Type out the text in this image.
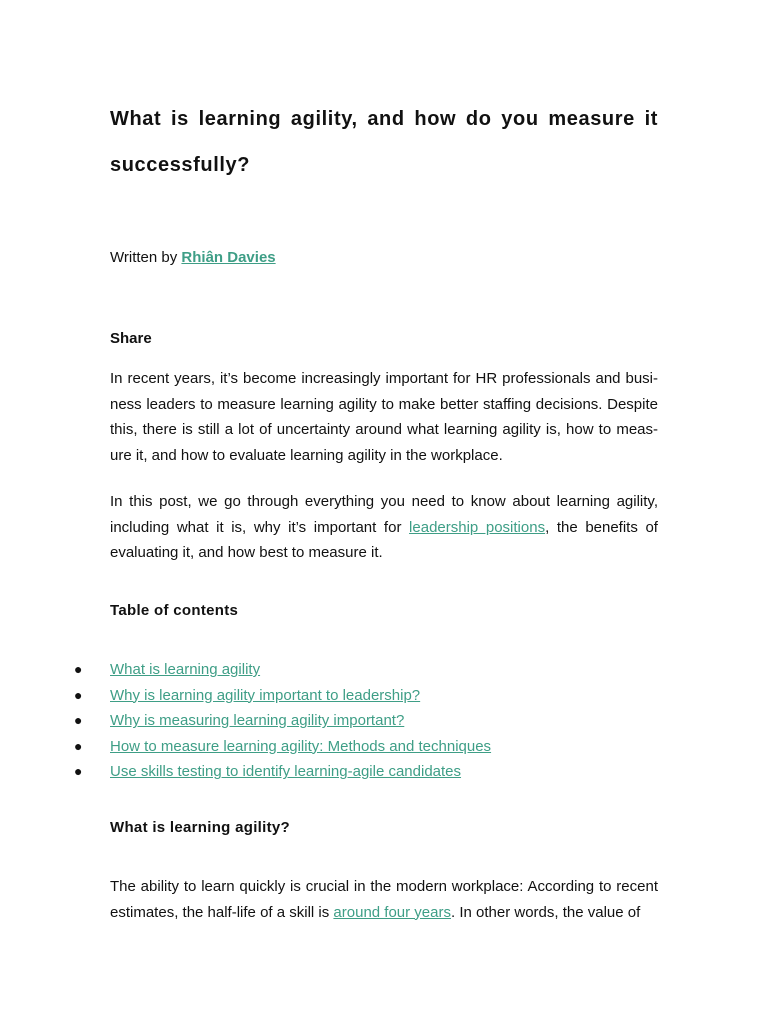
What is learning agility, and how do you measure it
successfully?
Written by Rhiân Davies
Share

In recent years, it’s become increasingly important for HR professionals and busi-ness leaders to measure learning agility to make better staffing decisions. Despite this, there is still a lot of uncertainty around what learning agility is, how to meas-ure it, and how to evaluate learning agility in the workplace.

In this post, we go through everything you need to know about learning agility, including what it is, why it’s important for leadership positions, the benefits of evaluating it, and how best to measure it.

Table of contents
● What is learning agility
● Why is learning agility important to leadership?
● Why is measuring learning agility important?
● How to measure learning agility: Methods and techniques
● Use skills testing to identify learning-agile candidates
What is learning agility?

The ability to learn quickly is crucial in the modern workplace: According to recent estimates, the half-life of a skill is around four years. In other words, the value of
